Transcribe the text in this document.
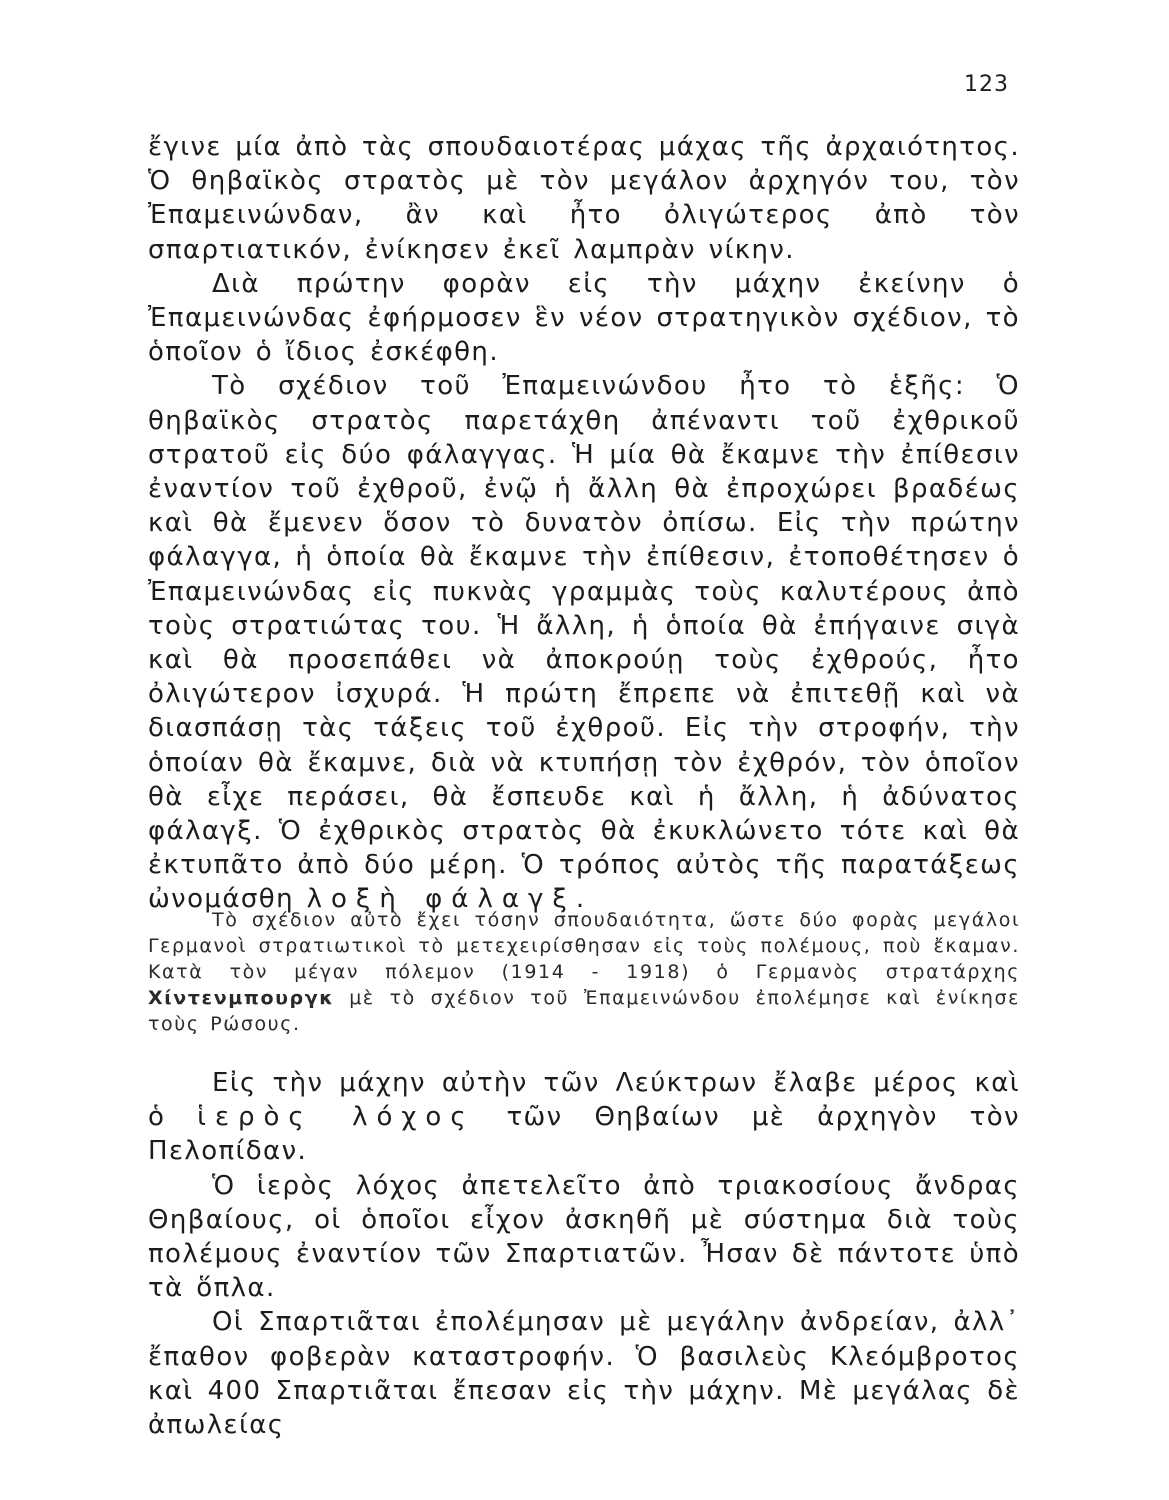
123

ἔγινε μία ἀπὸ τὰς σπουδαιοτέρας μάχας τῆς ἀρχαιότητος. Ὁ θηβαϊκὸς στρατὸς μὲ τὸν μεγάλον ἀρχηγόν του, τὸν Ἐπαμεινώνδαν, ἂν καὶ ἦτο ὀλιγώτερος ἀπὸ τὸν σπαρτιατικόν, ἐνίκησεν ἐκεῖ λαμπρὰν νίκην.

Διὰ πρώτην φορὰν εἰς τὴν μάχην ἐκείνην ὁ Ἐπαμεινώνδας ἐφήρμοσεν ἓν νέον στρατηγικὸν σχέδιον, τὸ ὁποῖον ὁ ἴδιος ἐσκέφθη.

Τὸ σχέδιον τοῦ Ἐπαμεινώνδου ἦτο τὸ ἑξῆς: Ὁ θηβαϊκὸς στρατὸς παρετάχθη ἀπέναντι τοῦ ἐχθρικοῦ στρατοῦ εἰς δύο φάλαγγας. Ἡ μία θὰ ἔκαμνε τὴν ἐπίθεσιν ἐναντίον τοῦ ἐχθροῦ, ἐνῷ ἡ ἄλλη θὰ ἐπροχώρει βραδέως καὶ θὰ ἔμενεν ὅσον τὸ δυνατὸν ὀπίσω. Εἰς τὴν πρώτην φάλαγγα, ἡ ὁποία θὰ ἔκαμνε τὴν ἐπίθεσιν, ἐτοποθέτησεν ὁ Ἐπαμεινώνδας εἰς πυκνὰς γραμμὰς τοὺς καλυτέρους ἀπὸ τοὺς στρατιώτας του. Ἡ ἄλλη, ἡ ὁποία θὰ ἐπήγαινε σιγὰ καὶ θὰ προσεπάθει νὰ ἀποκρούῃ τοὺς ἐχθρούς, ἦτο ὀλιγώτερον ἰσχυρά. Ἡ πρώτη ἔπρεπε νὰ ἐπιτεθῇ καὶ νὰ διασπάσῃ τὰς τάξεις τοῦ ἐχθροῦ. Εἰς τὴν στροφήν, τὴν ὁποίαν θὰ ἔκαμνε, διὰ νὰ κτυπήσῃ τὸν ἐχθρόν, τὸν ὁποῖον θὰ εἶχε περάσει, θὰ ἔσπευδε καὶ ἡ ἄλλη, ἡ ἀδύνατος φάλαγξ. Ὁ ἐχθρικὸς στρατὸς θὰ ἐκυκλώνετο τότε καὶ θὰ ἐκτυπᾶτο ἀπὸ δύο μέρη. Ὁ τρόπος αὐτὸς τῆς παρατάξεως ὠνομάσθη λοξὴ φάλαγξ.

Τὸ σχέδιον αὐτὸ ἔχει τόσην σπουδαιότητα, ὥστε δύο φορὰς μεγάλοι Γερμανοὶ στρατιωτικοὶ τὸ μετεχειρίσθησαν εἰς τοὺς πολέμους, ποὺ ἔκαμαν. Κατὰ τὸν μέγαν πόλεμον (1914 - 1918) ὁ Γερμανὸς στρατάρχης Χίντενμπουργκ μὲ τὸ σχέδιον τοῦ Ἐπαμεινώνδου ἐπολέμησε καὶ ἐνίκησε τοὺς Ρώσους.

Εἰς τὴν μάχην αὐτὴν τῶν Λεύκτρων ἔλαβε μέρος καὶ ὁ ἱερὸς λόχος τῶν Θηβαίων μὲ ἀρχηγὸν τὸν Πελοπίδαν.

Ὁ ἱερὸς λόχος ἀπετελεῖτο ἀπὸ τριακοσίους ἄνδρας Θηβαίους, οἱ ὁποῖοι εἶχον ἀσκηθῆ μὲ σύστημα διὰ τοὺς πολέμους ἐναντίον τῶν Σπαρτιατῶν. Ἦσαν δὲ πάντοτε ὑπὸ τὰ ὅπλα.

Οἱ Σπαρτιᾶται ἐπολέμησαν μὲ μεγάλην ἀνδρείαν, ἀλλ᾽ ἔπαθον φοβερὰν καταστροφήν. Ὁ βασιλεὺς Κλεόμβροτος καὶ 400 Σπαρτιᾶται ἔπεσαν εἰς τὴν μάχην. Μὲ μεγάλας δὲ ἀπωλείας
